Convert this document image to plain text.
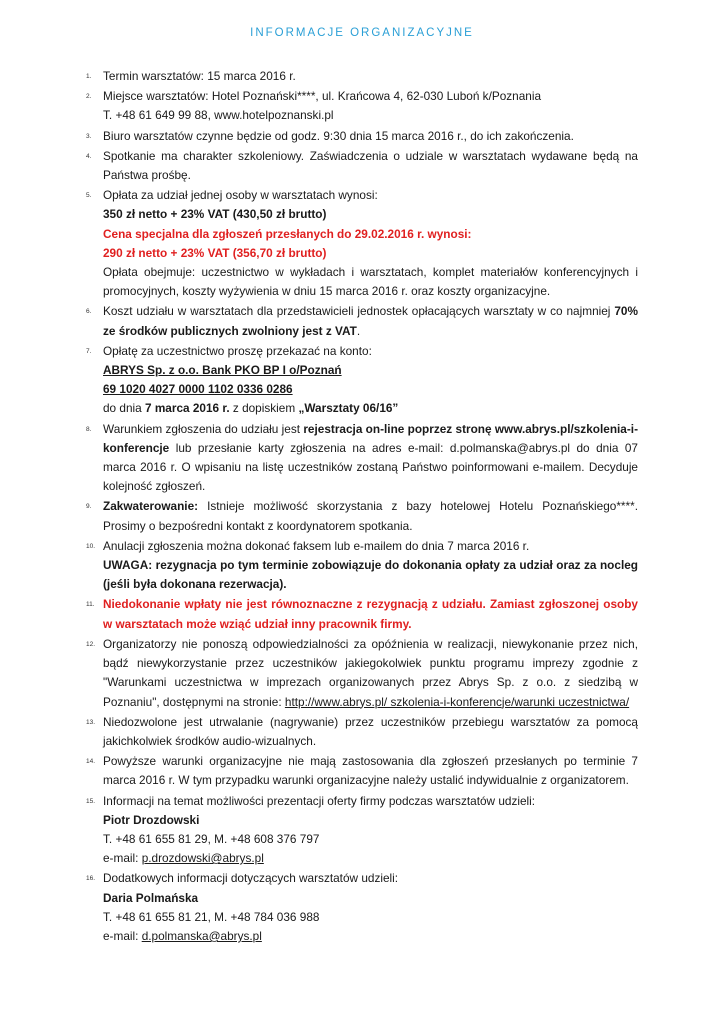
INFORMACJE ORGANIZACYJNE
1. Termin warsztatów: 15 marca 2016 r.
2. Miejsce warsztatów: Hotel Poznański****, ul. Krańcowa 4, 62-030 Luboń k/Poznania
T. +48 61 649 99 88, www.hotelpoznanski.pl
3. Biuro warsztatów czynne będzie od godz. 9:30 dnia 15 marca 2016 r., do ich zakończenia.
4. Spotkanie ma charakter szkoleniowy. Zaświadczenia o udziale w warsztatach wydawane będą na Państwa prośbę.
5. Opłata za udział jednej osoby w warsztatach wynosi:
350 zł netto + 23% VAT (430,50 zł brutto)
Cena specjalna dla zgłoszeń przesłanych do 29.02.2016 r. wynosi:
290 zł netto + 23% VAT (356,70 zł brutto)
Opłata obejmuje: uczestnictwo w wykładach i warsztatach, komplet materiałów konferencyjnych i promocyjnych, koszty wyżywienia w dniu 15 marca 2016 r. oraz koszty organizacyjne.
6. Koszt udziału w warsztatach dla przedstawicieli jednostek opłacających warsztaty w co najmniej 70% ze środków publicznych zwolniony jest z VAT.
7. Opłatę za uczestnictwo proszę przekazać na konto:
ABRYS Sp. z o.o. Bank PKO BP I o/Poznań
69 1020 4027 0000 1102 0336 0286
do dnia 7 marca 2016 r. z dopiskiem „Warsztaty 06/16”
8. Warunkiem zgłoszenia do udziału jest rejestracja on-line poprzez stronę www.abrys.pl/szkolenia-i-konferencje lub przesłanie karty zgłoszenia na adres e-mail: d.polmanska@abrys.pl do dnia 07 marca 2016 r. O wpisaniu na listę uczestników zostaną Państwo poinformowani e-mailem. Decyduje kolejność zgłoszeń.
9. Zakwaterowanie: Istnieje możliwość skorzystania z bazy hotelowej Hotelu Poznańskiego****. Prosimy o bezpośredni kontakt z koordynatorem spotkania.
10. Anulacji zgłoszenia można dokonać faksem lub e-mailem do dnia 7 marca 2016 r.
UWAGA: rezygnacja po tym terminie zobowiązuje do dokonania opłaty za udział oraz za nocleg (jeśli była dokonana rezerwacja).
11. Niedokonanie wpłaty nie jest równoznaczne z rezygnacją z udziału. Zamiast zgłoszonej osoby w warsztatach może wziąć udział inny pracownik firmy.
12. Organizatorzy nie ponoszą odpowiedzialności za opóźnienia w realizacji, niewykonanie przez nich, bądź niewykorzystanie przez uczestników jakiegokolwiek punktu programu imprezy zgodnie z "Warunkami uczestnictwa w imprezach organizowanych przez Abrys Sp. z o.o. z siedzibą w Poznaniu", dostępnymi na stronie: http://www.abrys.pl/ szkolenia-i-konferencje/warunki uczestnictwa/
13. Niedozwolone jest utrwalanie (nagrywanie) przez uczestników przebiegu warsztatów za pomocą jakichkolwiek środków audio-wizualnych.
14. Powyższe warunki organizacyjne nie mają zastosowania dla zgłoszeń przesłanych po terminie 7 marca 2016 r. W tym przypadku warunki organizacyjne należy ustalić indywidualnie z organizatorem.
15. Informacji na temat możliwości prezentacji oferty firmy podczas warsztatów udzieli:
Piotr Drozdowski
T. +48 61 655 81 29, M. +48 608 376 797
e-mail: p.drozdowski@abrys.pl
16. Dodatkowych informacji dotyczących warsztatów udzieli:
Daria Polmańska
T. +48 61 655 81 21, M. +48 784 036 988
e-mail: d.polmanska@abrys.pl
